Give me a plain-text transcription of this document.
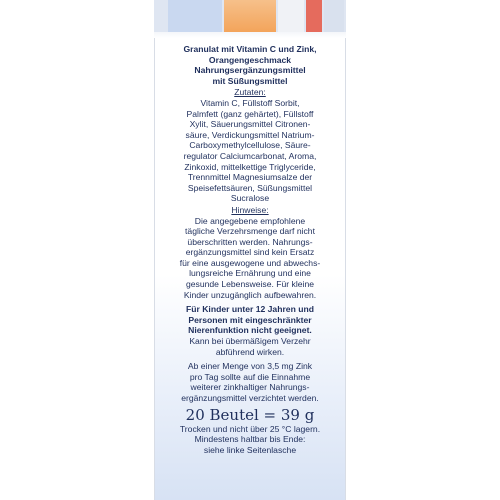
Granulat mit Vitamin C und Zink,
Orangengeschmack
Nahrungsergänzungsmittel
mit Süßungsmittel
Zutaten:
Vitamin C, Füllstoff Sorbit,
Palmfett (ganz gehärtet), Füllstoff
Xylit, Säuerungsmittel Citronen-
säure, Verdickungsmittel Natrium-
Carboxymethylcellulose, Säure-
regulator Calciumcarbonat, Aroma,
Zinkoxid, mittelkettige Triglyceride,
Trennmittel Magnesiumsalze der
Speisefettsäuren, Süßungsmittel
Sucralose
Hinweise:
Die angegebene empfohlene
tägliche Verzehrsmenge darf nicht
überschritten werden. Nahrungs-
ergänzungsmittel sind kein Ersatz
für eine ausgewogene und abwechs-
lungsreiche Ernährung und eine
gesunde Lebensweise. Für kleine
Kinder unzugänglich aufbewahren.
Für Kinder unter 12 Jahren und
Personen mit eingeschränkter
Nierenfunktion nicht geeignet.
Kann bei übermäßigem Verzehr
abführend wirken.
Ab einer Menge von 3,5 mg Zink
pro Tag sollte auf die Einnahme
weiterer zinkhaltiger Nahrungs-
ergänzungsmittel verzichtet werden.
20 Beutel = 39 g
Trocken und nicht über 25 °C lagern.
Mindestens haltbar bis Ende:
siehe linke Seitenlasche
